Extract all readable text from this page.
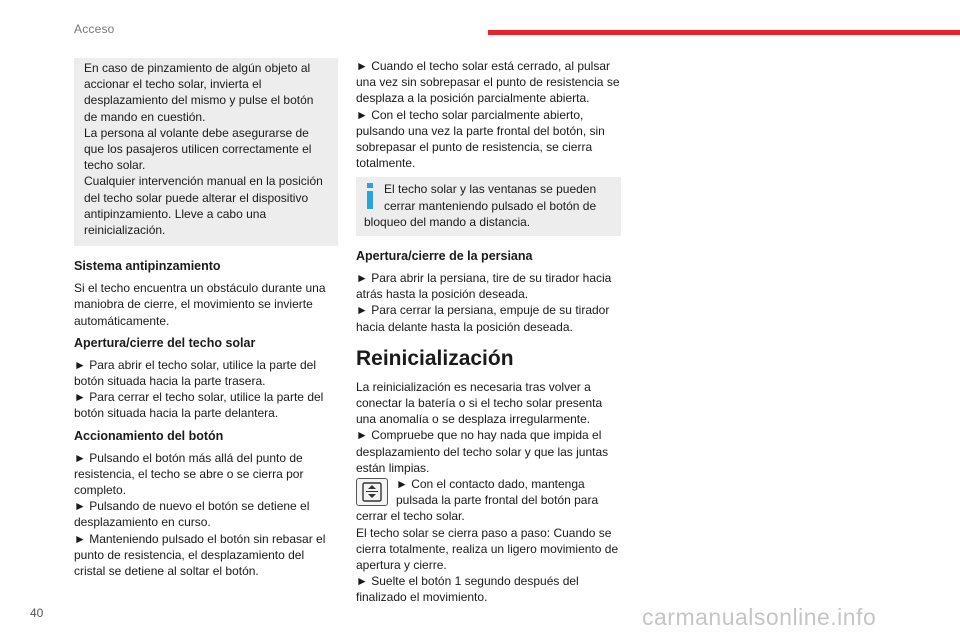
Acceso

En caso de pinzamiento de algún objeto al accionar el techo solar, invierta el desplazamiento del mismo y pulse el botón de mando en cuestión.

La persona al volante debe asegurarse de que los pasajeros utilicen correctamente el techo solar.

Cualquier intervención manual en la posición del techo solar puede alterar el dispositivo antipinzamiento. Lleve a cabo una reinicialización.

Sistema antipinzamiento

Si el techo encuentra un obstáculo durante una maniobra de cierre, el movimiento se invierte automáticamente.

Apertura/cierre del techo solar

► Para abrir el techo solar, utilice la parte del botón situada hacia la parte trasera.

► Para cerrar el techo solar, utilice la parte del botón situada hacia la parte delantera.

Accionamiento del botón

► Pulsando el botón más allá del punto de resistencia, el techo se abre o se cierra por completo.

► Pulsando de nuevo el botón se detiene el desplazamiento en curso.

► Manteniendo pulsado el botón sin rebasar el punto de resistencia, el desplazamiento del cristal se detiene al soltar el botón.

► Cuando el techo solar está cerrado, al pulsar una vez sin sobrepasar el punto de resistencia se desplaza a la posición parcialmente abierta.

► Con el techo solar parcialmente abierto, pulsando una vez la parte frontal del botón, sin sobrepasar el punto de resistencia, se cierra totalmente.

El techo solar y las ventanas se pueden cerrar manteniendo pulsado el botón de bloqueo del mando a distancia.

Apertura/cierre de la persiana

► Para abrir la persiana, tire de su tirador hacia atrás hasta la posición deseada.

► Para cerrar la persiana, empuje de su tirador hacia delante hasta la posición deseada.

Reinicialización

La reinicialización es necesaria tras volver a conectar la batería o si el techo solar presenta una anomalía o se desplaza irregularmente.

► Compruebe que no hay nada que impida el desplazamiento del techo solar y que las juntas están limpias.

► Con el contacto dado, mantenga pulsada la parte frontal del botón para cerrar el techo solar.

El techo solar se cierra paso a paso: Cuando se cierra totalmente, realiza un ligero movimiento de apertura y cierre.

► Suelte el botón 1 segundo después del finalizado el movimiento.

40	carmanualsonline.info
